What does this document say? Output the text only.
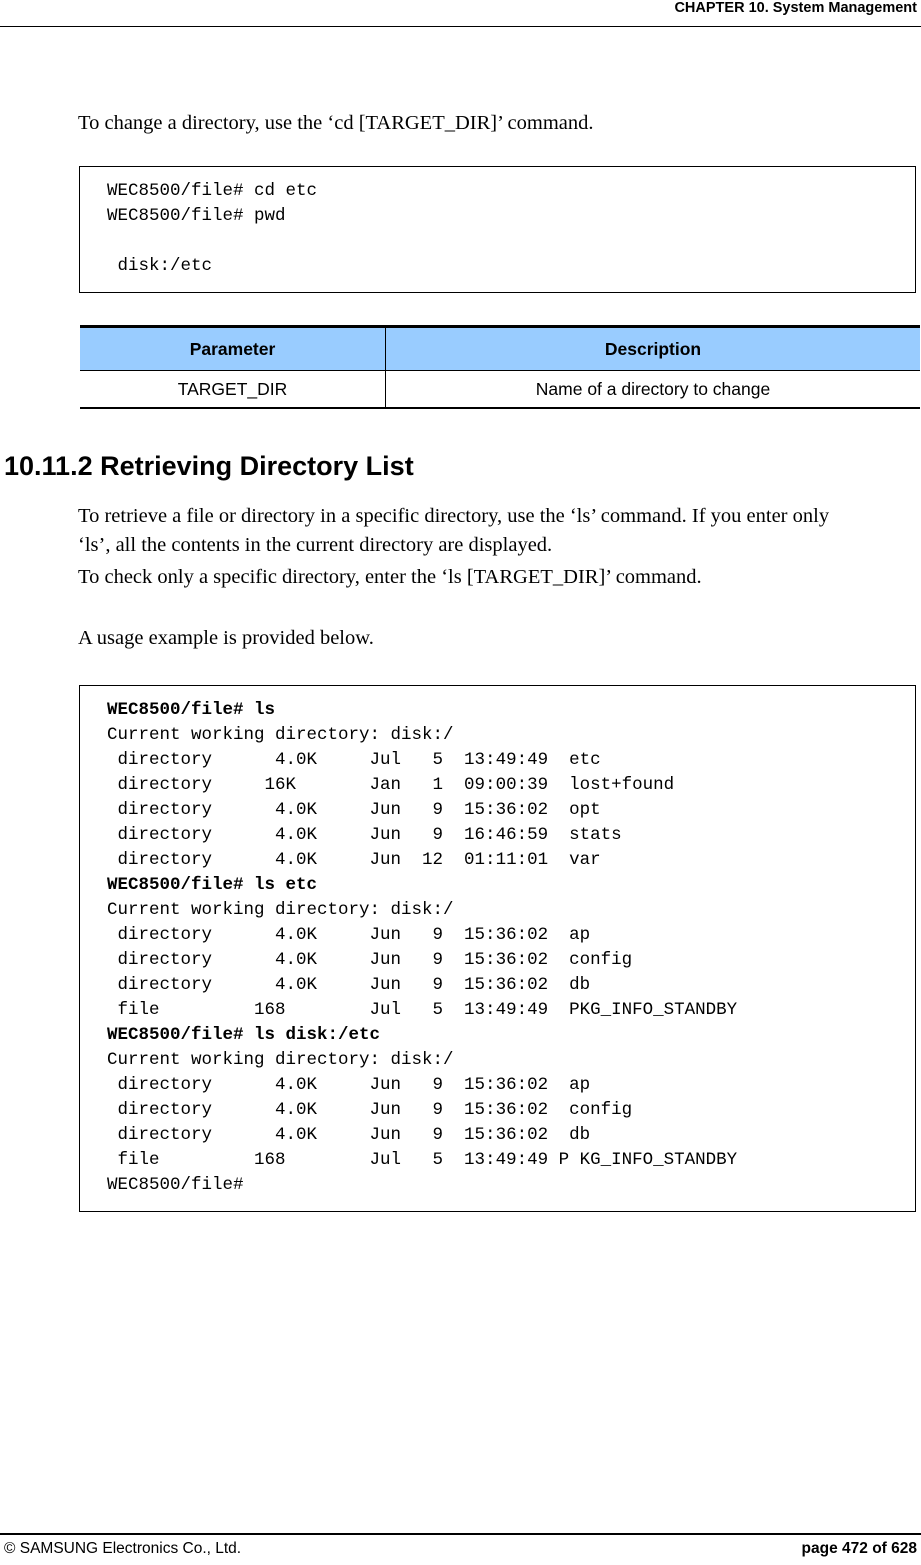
CHAPTER 10. System Management

To change a directory, use the ‘cd [TARGET_DIR]’ command.

WEC8500/file# cd etc
WEC8500/file# pwd
disk:/etc
Parameter	Description
TARGET_DIR	Name of a directory to change
10.11.2 Retrieving Directory List

To retrieve a file or directory in a specific directory, use the ‘ls’ command. If you enter only

‘ls’, all the contents in the current directory are displayed.

To check only a specific directory, enter the ‘ls [TARGET_DIR]’ command.

A usage example is provided below.

WEC8500/file# ls
Current working directory: disk:/
directory      4.0K     Jul   5  13:49:49  etc
directory     16K       Jan   1  09:00:39  lost+found
directory      4.0K     Jun   9  15:36:02  opt
directory      4.0K     Jun   9  16:46:59  stats
directory      4.0K     Jun  12  01:11:01  var
WEC8500/file# ls etc
Current working directory: disk:/
directory      4.0K     Jun   9  15:36:02  ap
directory      4.0K     Jun   9  15:36:02  config
directory      4.0K     Jun   9  15:36:02  db
file         168        Jul   5  13:49:49  PKG_INFO_STANDBY
WEC8500/file# ls disk:/etc
Current working directory: disk:/
directory      4.0K     Jun   9  15:36:02  ap
directory      4.0K     Jun   9  15:36:02  config
directory      4.0K     Jun   9  15:36:02  db
file         168        Jul   5  13:49:49 P KG_INFO_STANDBY
WEC8500/file#
© SAMSUNG Electronics Co., Ltd.	page 472 of 628
